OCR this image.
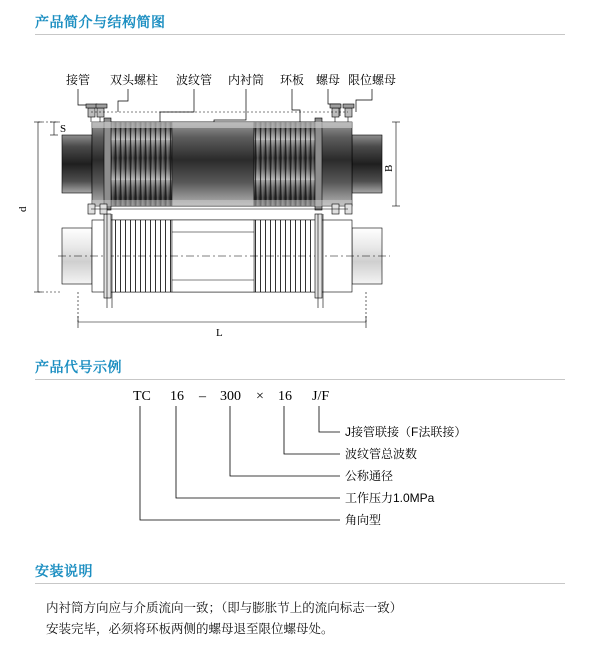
产品简介与结构简图
接管 双头螺柱 波纹管 内衬筒 环板 螺母 限位螺母
S
d
B
L
产品代号示例
TC 16 – 300 × 16 J/F
J接管联接（F法联接）
波纹管总波数
公称通径
工作压力1.0MPa
角向型
安装说明
内衬筒方向应与介质流向一致；（即与膨胀节上的流向标志一致）
安装完毕，必须将环板两侧的螺母退至限位螺母处。
